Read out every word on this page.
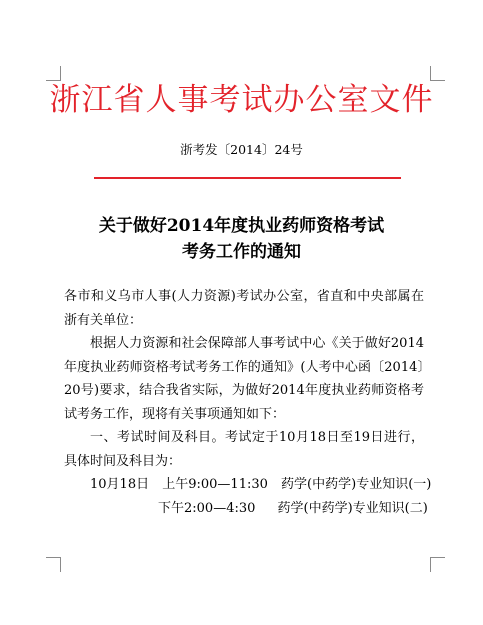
浙江省人事考试办公室文件
浙考发〔2014〕24号
关于做好2014年度执业药师资格考试
考务工作的通知

各市和义乌市人事(人力资源)考试办公室，省直和中央部属在浙有关单位：

根据人力资源和社会保障部人事考试中心《关于做好2014年度执业药师资格考试考务工作的通知》(人考中心函〔2014〕20号)要求，结合我省实际，为做好2014年度执业药师资格考试考务工作，现将有关事项通知如下：

一、考试时间及科目。考试定于10月18日至19日进行，具体时间及科目为：

10月18日 上午9:00—11:30 药学(中药学)专业知识(一)
下午2:00—4:30 药学(中药学)专业知识(二)
